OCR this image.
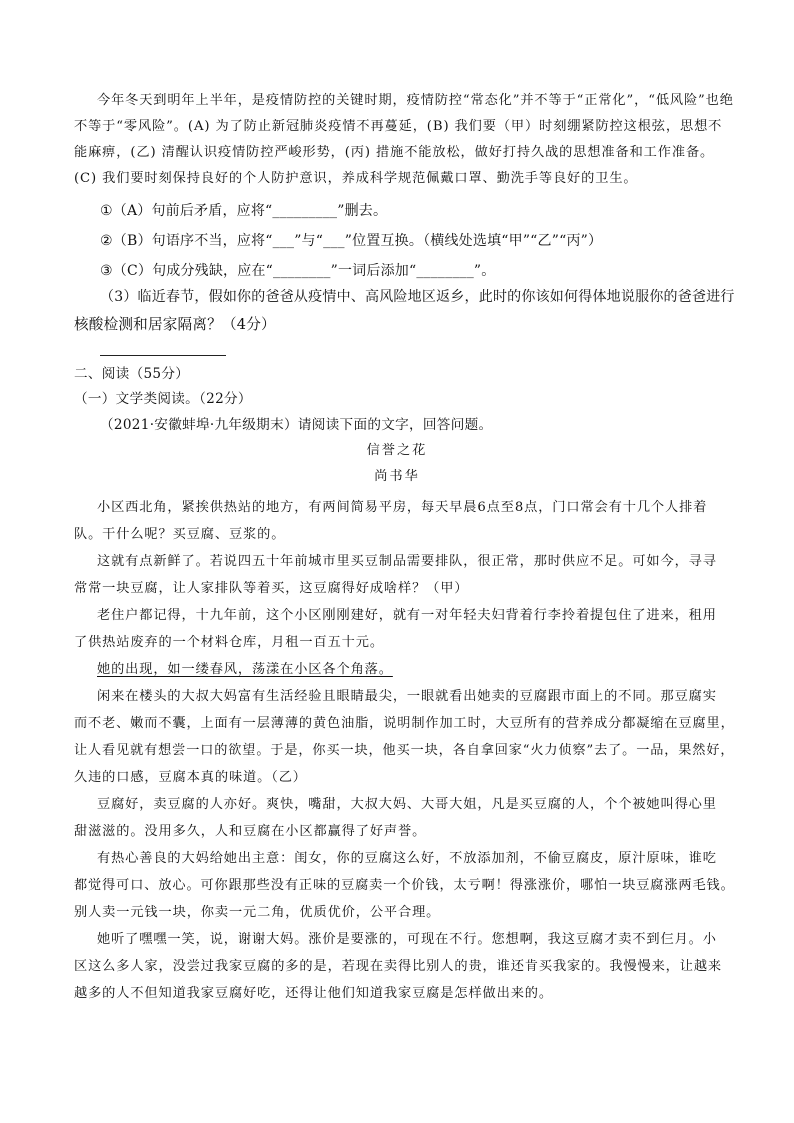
今年冬天到明年上半年，是疫情防控的关键时期，疫情防控“常态化”并不等于“正常化”，“低风险”也绝
不等于“零风险”。(A) 为了防止新冠肺炎疫情不再蔓延，(B) 我们要（甲）时刻绷紧防控这根弦，思想不
能麻痹，(乙) 清醒认识疫情防控严峻形势，(丙) 措施不能放松，做好打持久战的思想准备和工作准备。
(C) 我们要时刻保持良好的个人防护意识，养成科学规范佩戴口罩、勤洗手等良好的卫生。
①（A）句前后矛盾，应将“_________”删去。
②（B）句语序不当，应将“___”与“___”位置互换。（横线处选填“甲”“乙”“丙”）
③（C）句成分残缺，应在“________”一词后添加“________”。
（3）临近春节，假如你的爸爸从疫情中、高风险地区返乡，此时的你该如何得体地说服你的爸爸进行
核酸检测和居家隔离？（4分）
二、阅读（55分）
（一）文学类阅读。（22分）
（2021·安徽蚌埠·九年级期末）请阅读下面的文字，回答问题。
信誉之花
尚书华
小区西北角，紧挨供热站的地方，有两间简易平房，每天早晨6点至8点，门口常会有十几个人排着
队。干什么呢？买豆腐、豆浆的。
这就有点新鲜了。若说四五十年前城市里买豆制品需要排队，很正常，那时供应不足。可如今，寻寻
常常一块豆腐，让人家排队等着买，这豆腐得好成啥样？（甲）
老住户都记得，十九年前，这个小区刚刚建好，就有一对年轻夫妇背着行李拎着提包住了进来，租用
了供热站废弃的一个材料仓库，月租一百五十元。
她的出现，如一缕春风，荡漾在小区各个角落。
闲来在楼头的大叔大妈富有生活经验且眼睛最尖，一眼就看出她卖的豆腐跟市面上的不同。那豆腐实
而不老、嫩而不囊，上面有一层薄薄的黄色油脂，说明制作加工时，大豆所有的营养成分都凝缩在豆腐里，
让人看见就有想尝一口的欲望。于是，你买一块，他买一块，各自拿回家“火力侦察”去了。一品，果然好，
久违的口感，豆腐本真的味道。（乙）
豆腐好，卖豆腐的人亦好。爽快，嘴甜，大叔大妈、大哥大姐，凡是买豆腐的人，个个被她叫得心里
甜滋滋的。没用多久，人和豆腐在小区都赢得了好声誉。
有热心善良的大妈给她出主意：闺女，你的豆腐这么好，不放添加剂，不偷豆腐皮，原汁原味，谁吃
都觉得可口、放心。可你跟那些没有正味的豆腐卖一个价钱，太亏啊！得涨涨价，哪怕一块豆腐涨两毛钱。
别人卖一元钱一块，你卖一元二角，优质优价，公平合理。
她听了嘿嘿一笑，说，谢谢大妈。涨价是要涨的，可现在不行。您想啊，我这豆腐才卖不到仨月。小
区这么多人家，没尝过我家豆腐的多的是，若现在卖得比别人的贵，谁还肯买我家的。我慢慢来，让越来
越多的人不但知道我家豆腐好吃，还得让他们知道我家豆腐是怎样做出来的。
